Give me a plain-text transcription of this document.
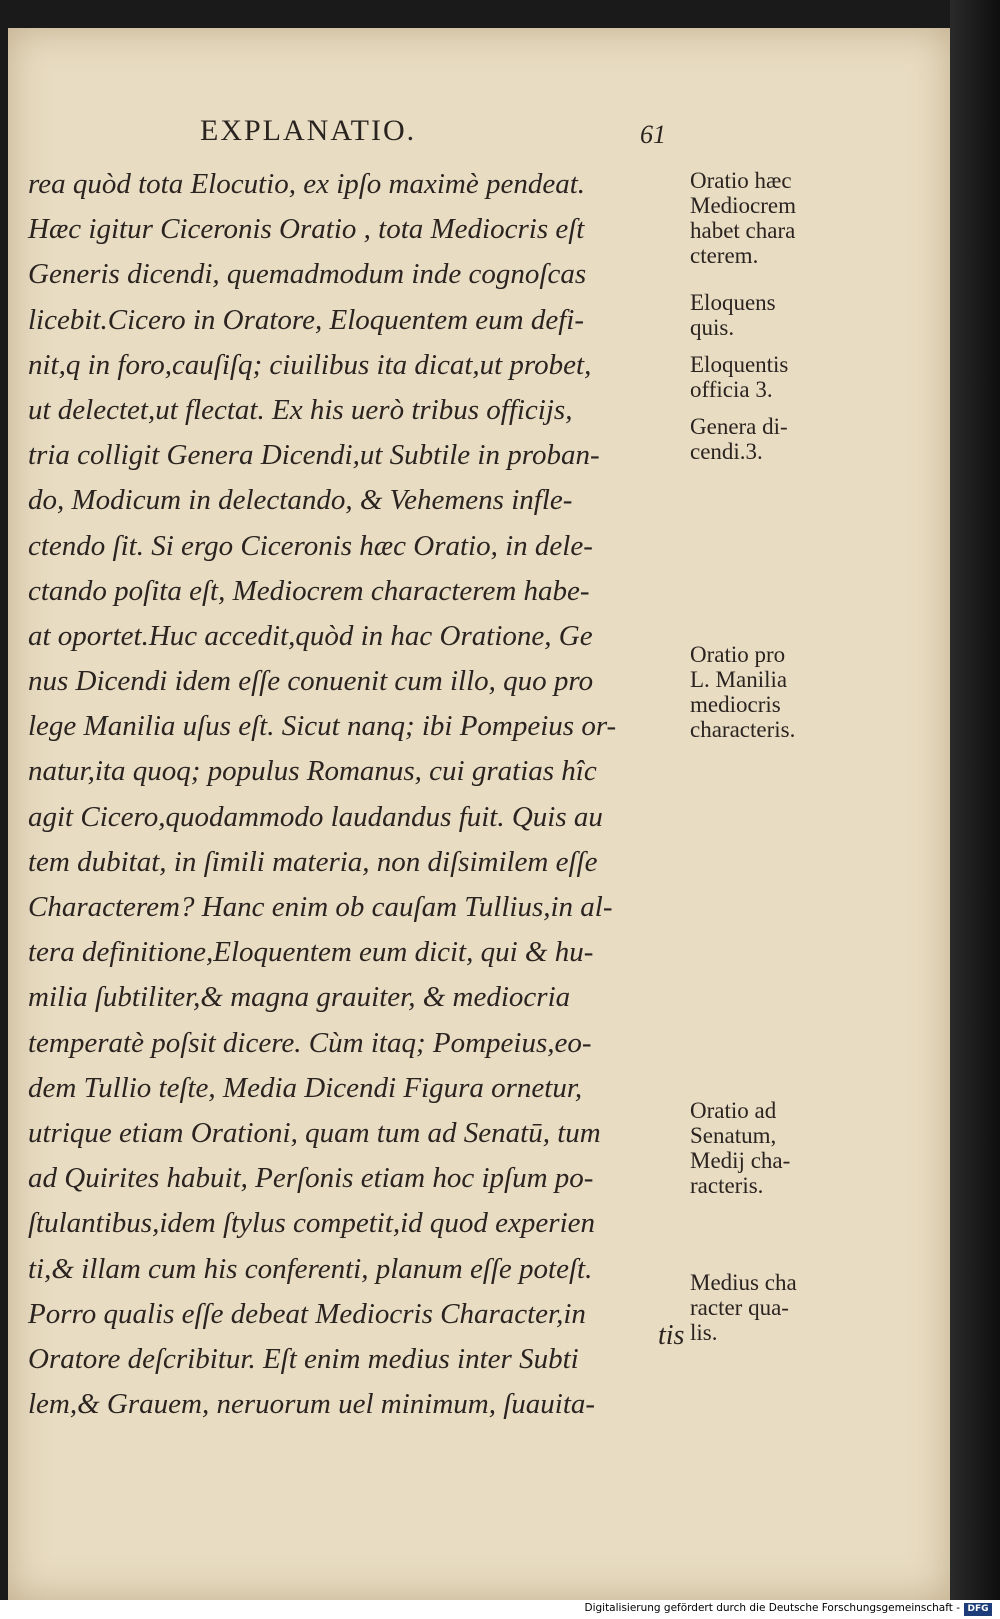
EXPLANATIO.	61
rea quòd tota Elocutio, ex ipſo maximè pendeat.
Hæc igitur Ciceronis Oratio , tota Mediocris eſt
Generis dicendi, quemadmodum inde cognoſcas
licebit.Cicero in Oratore, Eloquentem eum defi-
nit,q in foro,cauſiſq; ciuilibus ita dicat,ut probet,
ut delectet,ut flectat. Ex his uerò tribus officijs,
tria colligit Genera Dicendi,ut Subtile in proban-
do, Modicum in delectando, & Vehemens infle-
ctendo ſit. Si ergo Ciceronis hæc Oratio, in dele-
ctando poſita eſt, Mediocrem characterem habe-
at oportet.Huc accedit,quòd in hac Oratione, Ge
nus Dicendi idem eſſe conuenit cum illo, quo pro
lege Manilia uſus eſt. Sicut nanq; ibi Pompeius or-
natur,ita quoq; populus Romanus, cui gratias hîc
agit Cicero,quodammodo laudandus fuit. Quis au
tem dubitat, in ſimili materia, non diſsimilem eſſe
Characterem? Hanc enim ob cauſam Tullius,in al-
tera definitione,Eloquentem eum dicit, qui & hu-
milia ſubtiliter,& magna grauiter, & mediocria
temperatè poſsit dicere. Cùm itaq; Pompeius,eo-
dem Tullio teſte, Media Dicendi Figura ornetur,
utrique etiam Orationi, quam tum ad Senatū, tum
ad Quirites habuit, Perſonis etiam hoc ipſum po-
ſtulantibus,idem ſtylus competit,id quod experien
ti,& illam cum his conferenti, planum eſſe poteſt.
Porro qualis eſſe debeat Mediocris Character,in
Oratore deſcribitur. Eſt enim medius inter Subti
lem,& Grauem, neruorum uel minimum, ſuauita-
Oratio hæc
Mediocrem
habet chara
cterem.
Eloquens
quis.
Eloquentis
officia 3.
Genera di-
cendi.3.
Oratio pro
L. Manilia
mediocris
characteris.
Oratio ad
Senatum,
Medij cha-
racteris.
Medius cha
racter qua-
lis.
tis
Digitalisierung gefördert durch die Deutsche Forschungsgemeinschaft - DFG
